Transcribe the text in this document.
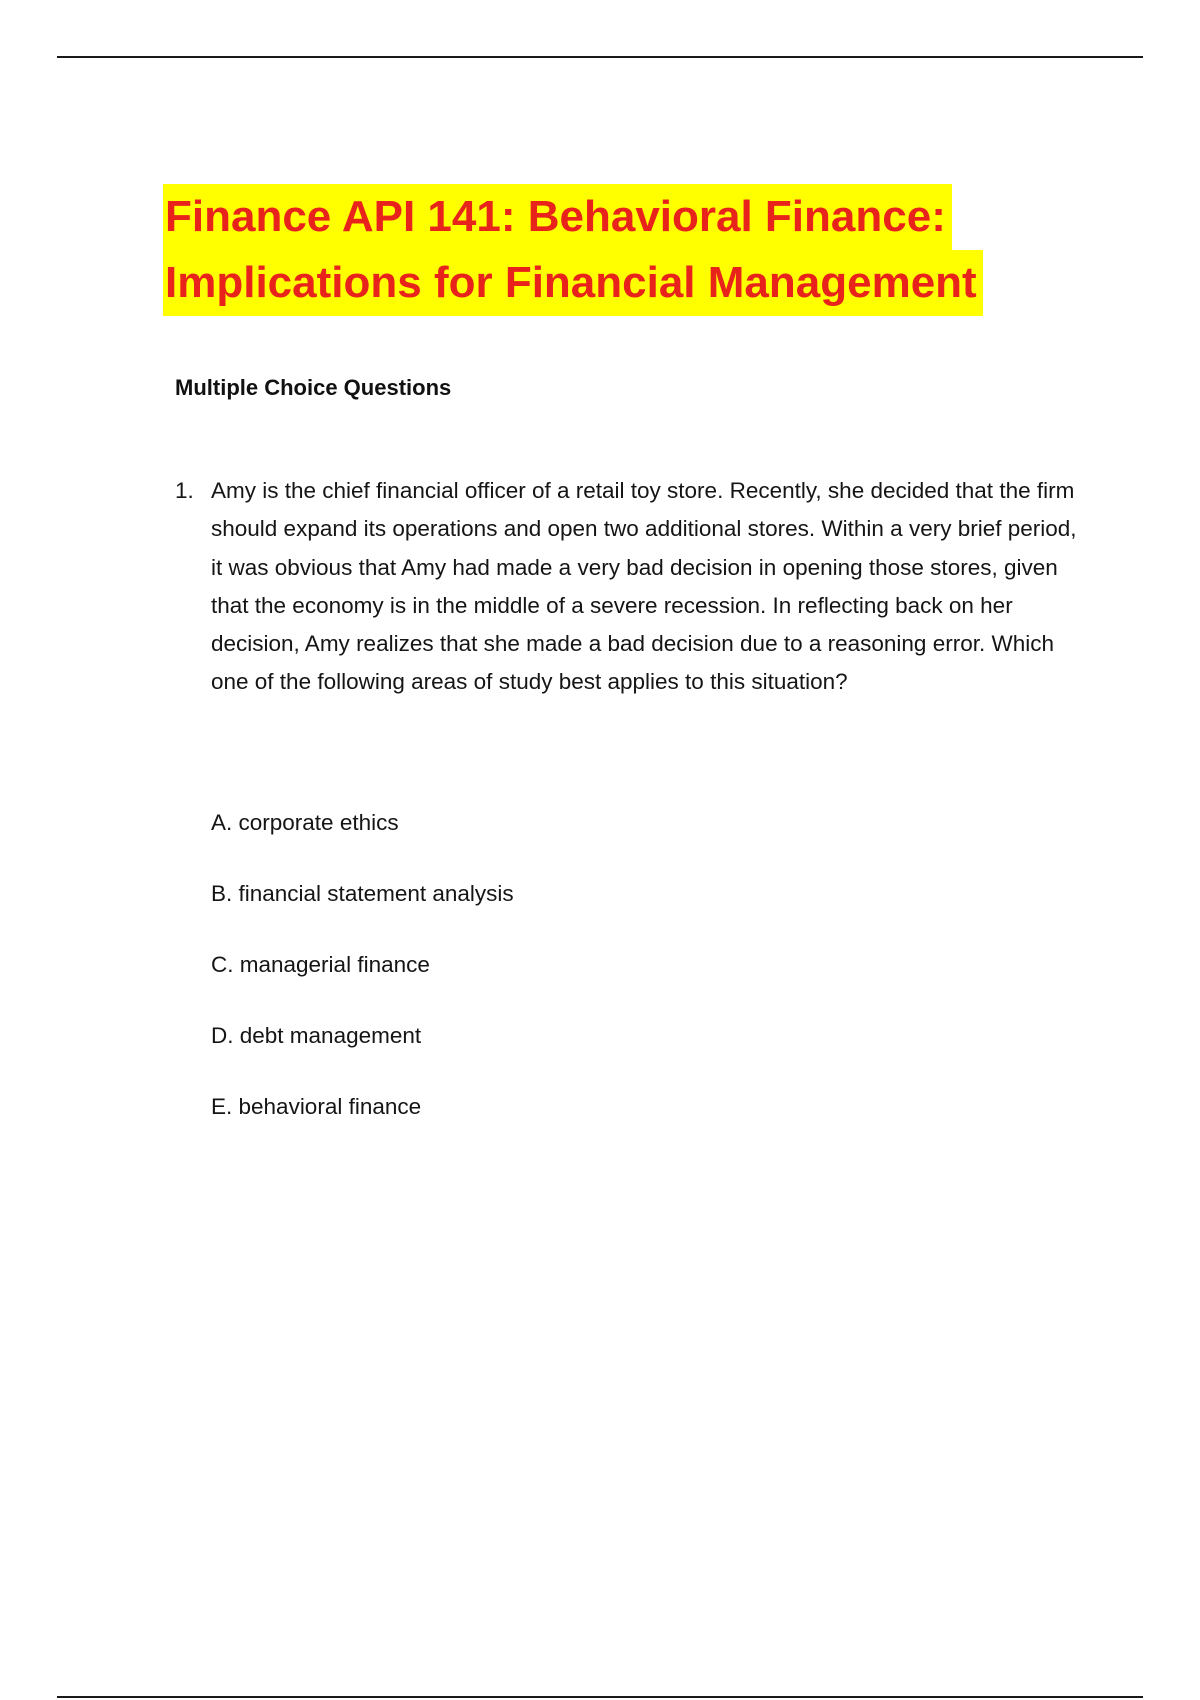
Finance API 141: Behavioral Finance:
Implications for Financial Management
Multiple Choice Questions
1. Amy is the chief financial officer of a retail toy store. Recently, she decided that the firm should expand its operations and open two additional stores. Within a very brief period, it was obvious that Amy had made a very bad decision in opening those stores, given that the economy is in the middle of a severe recession. In reflecting back on her decision, Amy realizes that she made a bad decision due to a reasoning error. Which one of the following areas of study best applies to this situation?

A. corporate ethics
B. financial statement analysis
C. managerial finance
D. debt management
E. behavioral finance
